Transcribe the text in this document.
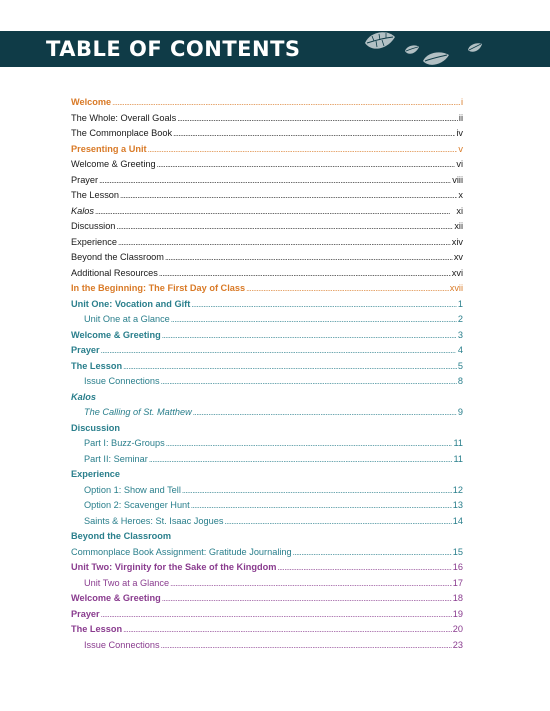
TABLE OF CONTENTS
Welcome .....	i
The Whole: Overall Goals .....	ii
The Commonplace Book .....	iv
Presenting a Unit .....	v
Welcome & Greeting .....	vi
Prayer .....	viii
The Lesson .....	x
Kalos .....	xi
Discussion .....	xii
Experience .....	xiv
Beyond the Classroom .....	xv
Additional Resources .....	xvi
In the Beginning: The First Day of Class .....	xvii
Unit One: Vocation and Gift .....	1
Unit One at a Glance .....	2
Welcome & Greeting .....	3
Prayer .....	4
The Lesson .....	5
Issue Connections .....	8
Kalos
The Calling of St. Matthew .....	9
Discussion
Part I: Buzz-Groups .....	11
Part II: Seminar .....	11
Experience
Option 1: Show and Tell .....	12
Option 2: Scavenger Hunt .....	13
Saints & Heroes: St. Isaac Jogues .....	14
Beyond the Classroom
Commonplace Book Assignment: Gratitude Journaling .....	15
Unit Two: Virginity for the Sake of the Kingdom .....	16
Unit Two at a Glance .....	17
Welcome & Greeting .....	18
Prayer .....	19
The Lesson .....	20
Issue Connections .....	23
